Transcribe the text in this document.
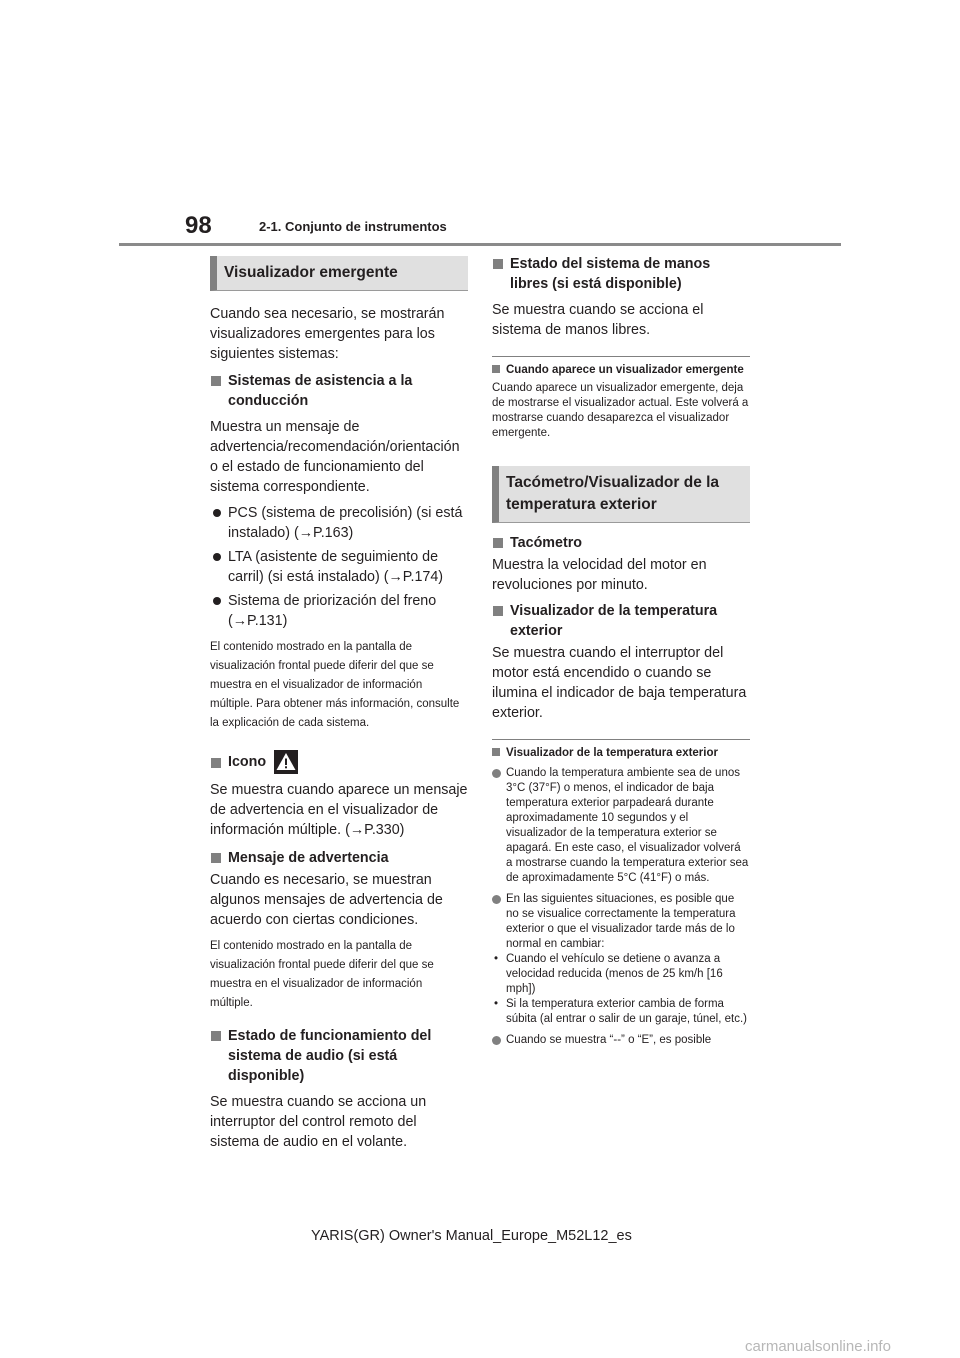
98	2-1. Conjunto de instrumentos
Visualizador emergente

Cuando sea necesario, se mostrarán visualizadores emergentes para los siguientes sistemas:

Sistemas de asistencia a la conducción

Muestra un mensaje de advertencia/recomendación/orientación o el estado de funcionamiento del sistema correspondiente.

PCS (sistema de precolisión) (si está instalado) (→P.163)
LTA (asistente de seguimiento de carril) (si está instalado) (→P.174)
Sistema de priorización del freno (→P.131)

El contenido mostrado en la pantalla de visualización frontal puede diferir del que se muestra en el visualizador de información múltiple. Para obtener más información, consulte la explicación de cada sistema.

Icono

Se muestra cuando aparece un mensaje de advertencia en el visualizador de información múltiple. (→P.330)

Mensaje de advertencia

Cuando es necesario, se muestran algunos mensajes de advertencia de acuerdo con ciertas condiciones.

El contenido mostrado en la pantalla de visualización frontal puede diferir del que se muestra en el visualizador de información múltiple.

Estado de funcionamiento del sistema de audio (si está disponible)

Se muestra cuando se acciona un interruptor del control remoto del sistema de audio en el volante.

Estado del sistema de manos libres (si está disponible)

Se muestra cuando se acciona el sistema de manos libres.

Cuando aparece un visualizador emergente

Cuando aparece un visualizador emergente, deja de mostrarse el visualizador actual. Este volverá a mostrarse cuando desaparezca el visualizador emergente.

Tacómetro/Visualizador de la temperatura exterior
Tacómetro

Muestra la velocidad del motor en revoluciones por minuto.

Visualizador de la temperatura exterior

Se muestra cuando el interruptor del motor está encendido o cuando se ilumina el indicador de baja temperatura exterior.

Visualizador de la temperatura exterior
Cuando la temperatura ambiente sea de unos 3°C (37°F) o menos, el indicador de baja temperatura exterior parpadeará durante aproximadamente 10 segundos y el visualizador de la temperatura exterior se apagará. En este caso, el visualizador volverá a mostrarse cuando la temperatura exterior sea de aproximadamente 5°C (41°F) o más.
En las siguientes situaciones, es posible que no se visualice correctamente la temperatura exterior o que el visualizador tarde más de lo normal en cambiar:
• Cuando el vehículo se detiene o avanza a velocidad reducida (menos de 25 km/h [16 mph])
• Si la temperatura exterior cambia de forma súbita (al entrar o salir de un garaje, túnel, etc.)
Cuando se muestra “--” o “E”, es posible
YARIS(GR) Owner's Manual_Europe_M52L12_es
carmanualsonline.info
